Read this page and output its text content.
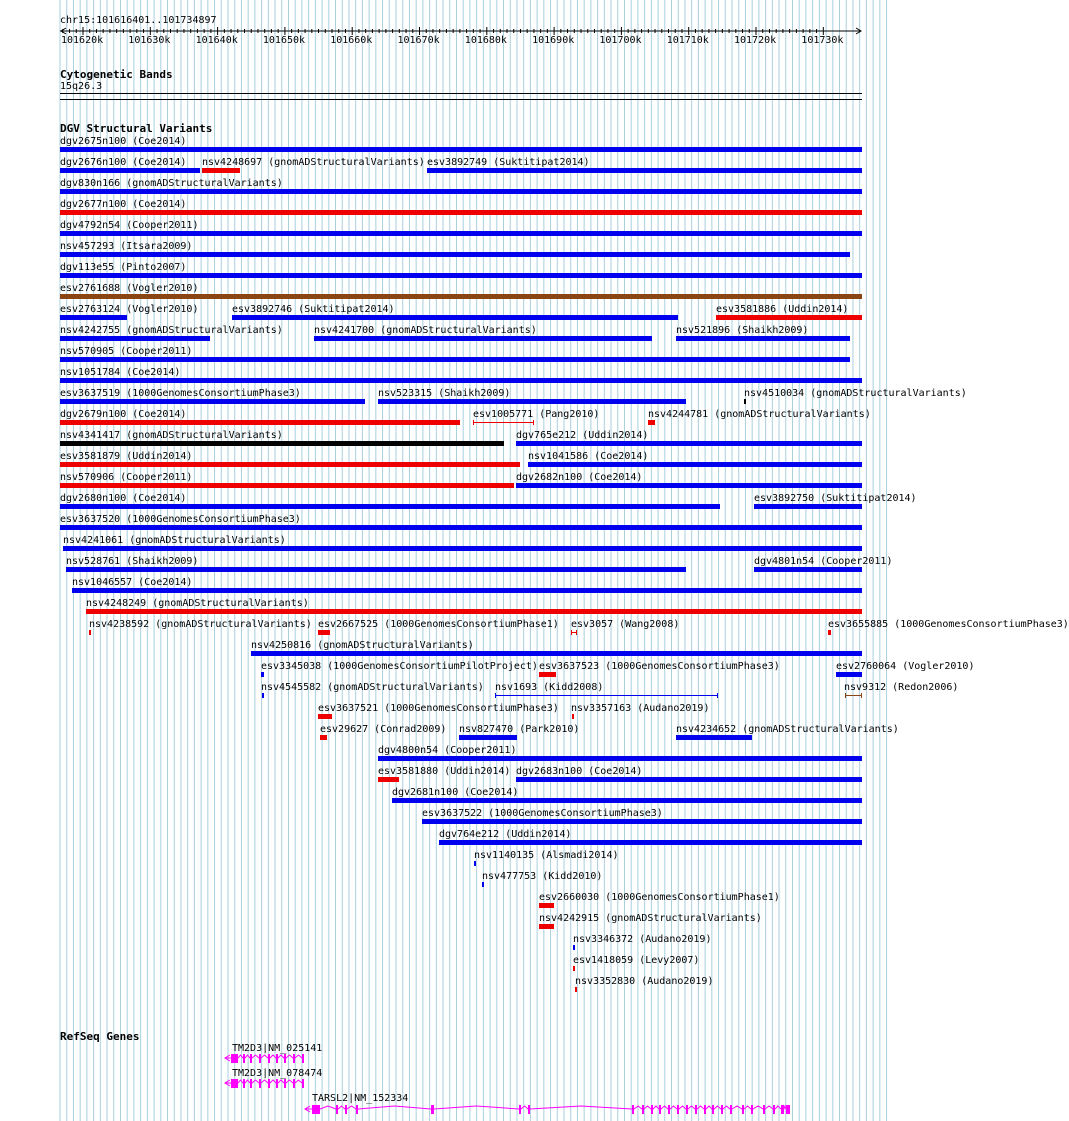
chr15:101616401..101734897
101620k	101630k	101640k	101650k	101660k	101670k	101680k	101690k	101700k	101710k	101720k	101730k
Cytogenetic Bands
15q26.3
DGV Structural Variants
dgv2675n100 (Coe2014)
dgv2676n100 (Coe2014) nsv4248697 (gnomADStructuralVariants) esv3892749 (Suktitipat2014)
dgv830n166 (gnomADStructuralVariants)
dgv2677n100 (Coe2014)
dgv4792n54 (Cooper2011)
nsv457293 (Itsara2009)
dgv113e55 (Pinto2007)
esv2761688 (Vogler2010)
esv2763124 (Vogler2010)	esv3892746 (Suktitipat2014)	esv3581886 (Uddin2014)
nsv4242755 (gnomADStructuralVariants)	nsv4241700 (gnomADStructuralVariants)	nsv521896 (Shaikh2009)
nsv570905 (Cooper2011)
nsv1051784 (Coe2014)
esv3637519 (1000GenomesConsortiumPhase3)	nsv523315 (Shaikh2009)	nsv4510034 (gnomADStructuralVariants)
dgv2679n100 (Coe2014)	esv1005771 (Pang2010)	nsv4244781 (gnomADStructuralVariants)
nsv4341417 (gnomADStructuralVariants)	dgv765e212 (Uddin2014)
esv3581879 (Uddin2014)	nsv1041586 (Coe2014)
nsv570906 (Cooper2011)	dgv2682n100 (Coe2014)
dgv2680n100 (Coe2014)	esv3892750 (Suktitipat2014)
esv3637520 (1000GenomesConsortiumPhase3)
nsv4241061 (gnomADStructuralVariants)
nsv528761 (Shaikh2009)	dgv4801n54 (Cooper2011)
nsv1046557 (Coe2014)
nsv4248249 (gnomADStructuralVariants)
nsv4238592 (gnomADStructuralVariants) esv2667525 (1000GenomesConsortiumPhase1) esv3057 (Wang2008)	esv3655885 (1000GenomesConsortiumPhase3)
nsv4250816 (gnomADStructuralVariants)
esv3345038 (1000GenomesConsortiumPilotProject) esv3637523 (1000GenomesConsortiumPhase3)	esv2760064 (Vogler2010)
nsv4545582 (gnomADStructuralVariants) nsv1693 (Kidd2008)	nsv9312 (Redon2006)
esv3637521 (1000GenomesConsortiumPhase3) nsv3357163 (Audano2019)
esv29627 (Conrad2009) nsv827470 (Park2010)	nsv4234652 (gnomADStructuralVariants)
dgv4800n54 (Cooper2011)
esv3581880 (Uddin2014) dgv2683n100 (Coe2014)
dgv2681n100 (Coe2014)
esv3637522 (1000GenomesConsortiumPhase3)
dgv764e212 (Uddin2014)
nsv1140135 (Alsmadi2014)
nsv477753 (Kidd2010)
esv2660030 (1000GenomesConsortiumPhase1)
nsv4242915 (gnomADStructuralVariants)
nsv3346372 (Audano2019)
esv1418059 (Levy2007)
nsv3352830 (Audano2019)
RefSeq Genes
TM2D3|NM_025141
TM2D3|NM_078474
TARSL2|NM_152334
